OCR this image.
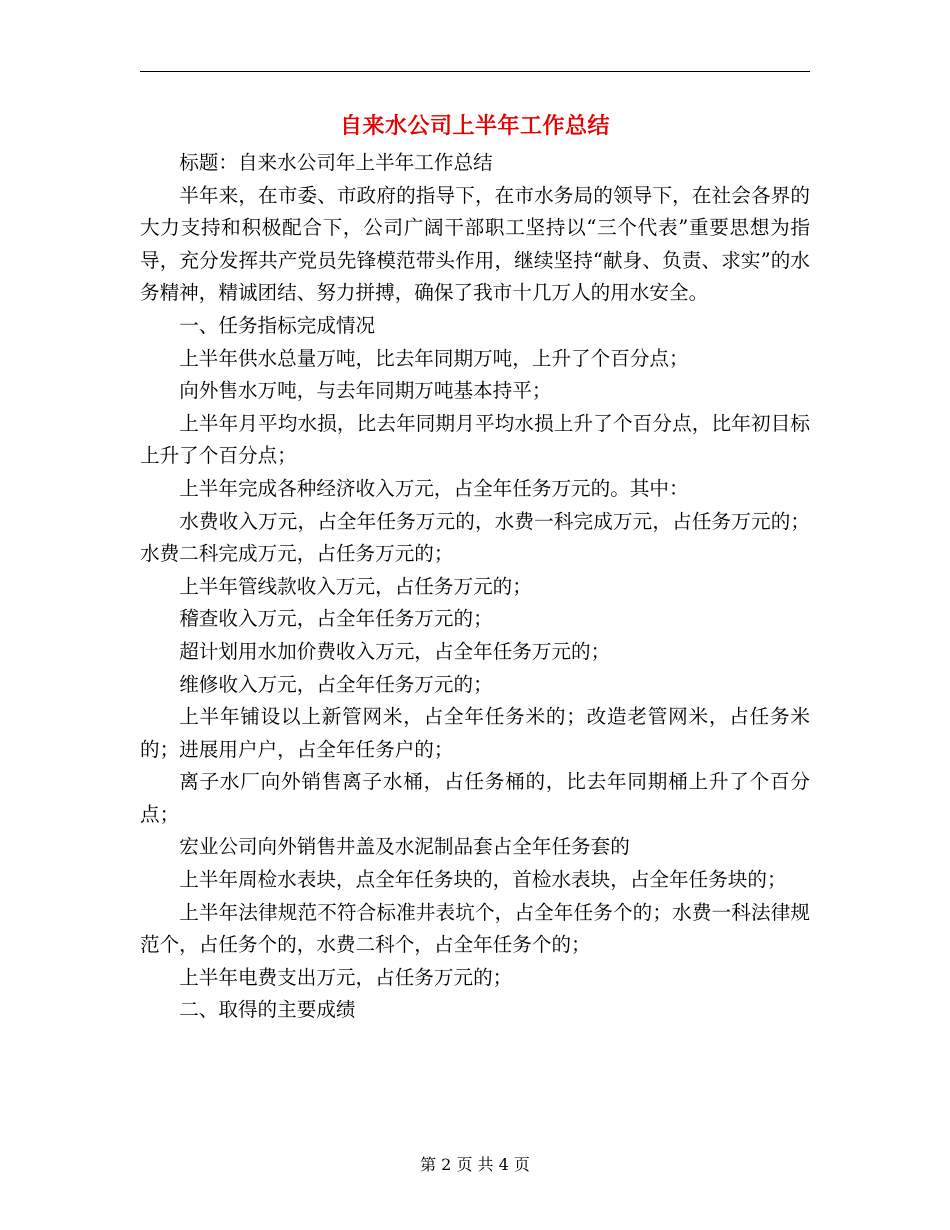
自来水公司上半年工作总结

标题：自来水公司年上半年工作总结

半年来，在市委、市政府的指导下，在市水务局的领导下，在社会各界的大力支持和积极配合下，公司广阔干部职工坚持以“三个代表”重要思想为指导，充分发挥共产党员先锋模范带头作用，继续坚持“献身、负责、求实”的水务精神，精诚团结、努力拼搏，确保了我市十几万人的用水安全。

一、任务指标完成情况

上半年供水总量万吨，比去年同期万吨，上升了个百分点；

向外售水万吨，与去年同期万吨基本持平；

上半年月平均水损，比去年同期月平均水损上升了个百分点，比年初目标上升了个百分点；

上半年完成各种经济收入万元，占全年任务万元的。其中：

水费收入万元，占全年任务万元的，水费一科完成万元，占任务万元的；水费二科完成万元，占任务万元的；

上半年管线款收入万元，占任务万元的；

稽查收入万元，占全年任务万元的；

超计划用水加价费收入万元，占全年任务万元的；

维修收入万元，占全年任务万元的；

上半年铺设以上新管网米，占全年任务米的；改造老管网米，占任务米的；进展用户户，占全年任务户的；

离子水厂向外销售离子水桶，占任务桶的，比去年同期桶上升了个百分点；

宏业公司向外销售井盖及水泥制品套占全年任务套的

上半年周检水表块，点全年任务块的，首检水表块，占全年任务块的；

上半年法律规范不符合标准井表坑个，占全年任务个的；水费一科法律规范个，占任务个的，水费二科个，占全年任务个的；

上半年电费支出万元，占任务万元的；

二、取得的主要成绩

第 2 页 共 4 页
